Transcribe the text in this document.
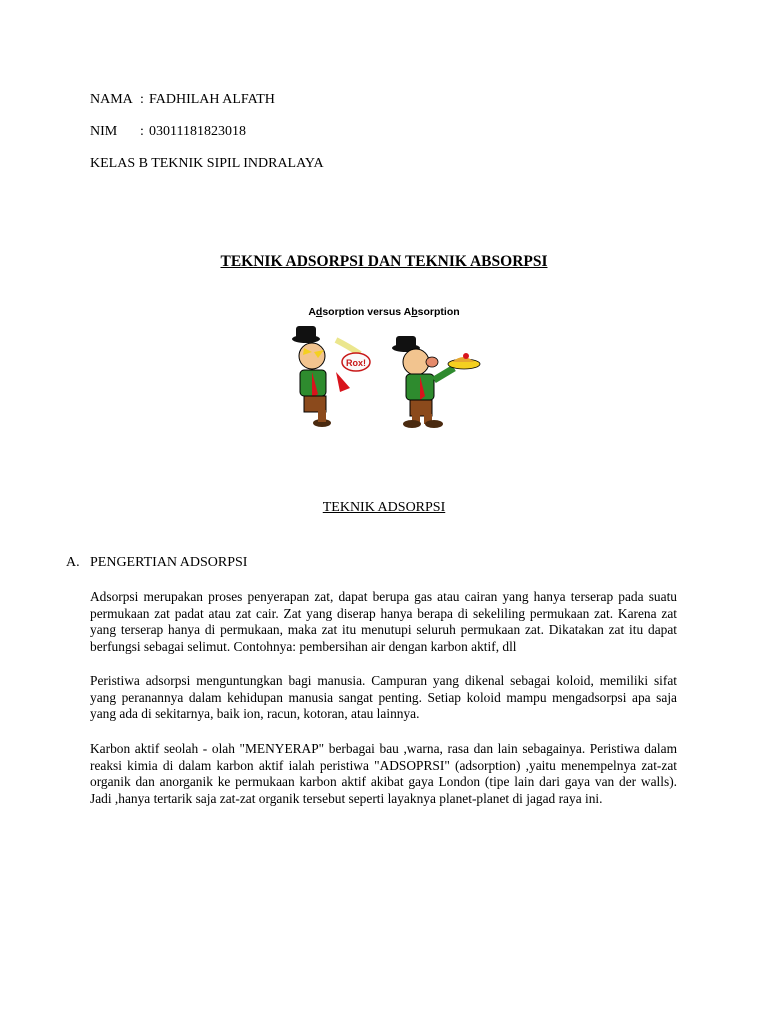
NAMA : FADHILAH ALFATH
NIM : 03011181823018
KELAS B TEKNIK SIPIL INDRALAYA
TEKNIK ADSORPSI DAN TEKNIK ABSORPSI
Adsorption versus Absorption
Rox!
TEKNIK ADSORPSI
A. PENGERTIAN ADSORPSI
Adsorpsi merupakan proses penyerapan zat, dapat berupa gas atau cairan yang hanya terserap pada suatu permukaan zat padat atau zat cair. Zat yang diserap hanya berapa di sekeliling permukaan zat. Karena zat yang terserap hanya di permukaan, maka zat itu menutupi seluruh permukaan zat. Dikatakan zat itu dapat berfungsi sebagai selimut. Contohnya: pembersihan air dengan karbon aktif, dll
Peristiwa adsorpsi menguntungkan bagi manusia. Campuran yang dikenal sebagai koloid, memiliki sifat yang peranannya dalam kehidupan manusia sangat penting. Setiap koloid mampu mengadsorpsi apa saja yang ada di sekitarnya, baik ion, racun, kotoran, atau lainnya.
Karbon aktif seolah - olah "MENYERAP" berbagai bau ,warna, rasa dan lain sebagainya. Peristiwa dalam reaksi kimia di dalam karbon aktif ialah peristiwa "ADSOPRSI" (adsorption) ,yaitu menempelnya zat-zat organik dan anorganik ke permukaan karbon aktif akibat gaya London (tipe lain dari gaya van der walls). Jadi ,hanya tertarik saja zat-zat organik tersebut seperti layaknya planet-planet di jagad raya ini.
